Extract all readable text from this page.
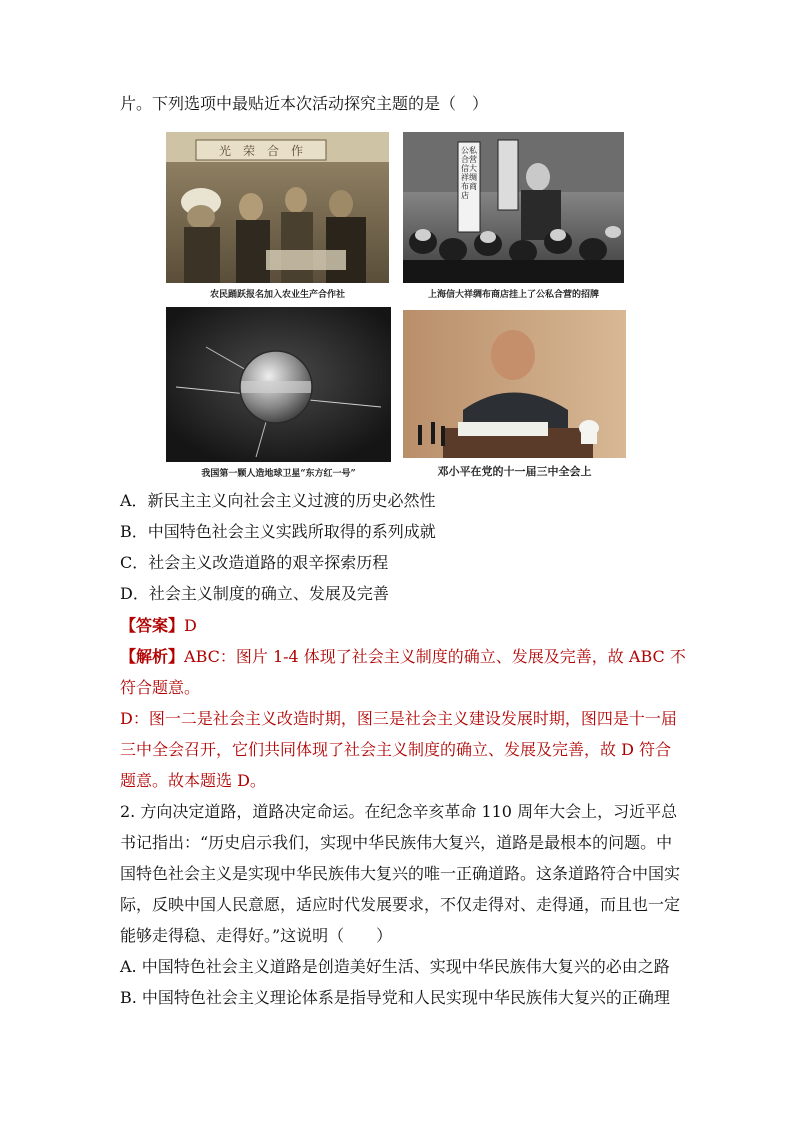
片。下列选项中最贴近本次活动探究主题的是（　）
光　荣　合　作
农民踊跃报名加入农业生产合作社
公私合营信大祥绸布商店
上海信大祥绸布商店挂上了公私合营的招牌
我国第一颗人造地球卫星“东方红一号”	邓小平在党的十一届三中全会上
A．新民主主义向社会主义过渡的历史必然性
B．中国特色社会主义实践所取得的系列成就
C．社会主义改造道路的艰辛探索历程
D．社会主义制度的确立、发展及完善
【答案】D
【解析】ABC：图片 1-4 体现了社会主义制度的确立、发展及完善，故 ABC 不
符合题意。
D：图一二是社会主义改造时期，图三是社会主义建设发展时期，图四是十一届
三中全会召开，它们共同体现了社会主义制度的确立、发展及完善，故 D 符合
题意。故本题选 D。
2. 方向决定道路，道路决定命运。在纪念辛亥革命 110 周年大会上，习近平总
书记指出：“历史启示我们，实现中华民族伟大复兴，道路是最根本的问题。中
国特色社会主义是实现中华民族伟大复兴的唯一正确道路。这条道路符合中国实
际，反映中国人民意愿，适应时代发展要求，不仅走得对、走得通，而且也一定
能够走得稳、走得好。”这说明（　　）
A. 中国特色社会主义道路是创造美好生活、实现中华民族伟大复兴的必由之路
B. 中国特色社会主义理论体系是指导党和人民实现中华民族伟大复兴的正确理
